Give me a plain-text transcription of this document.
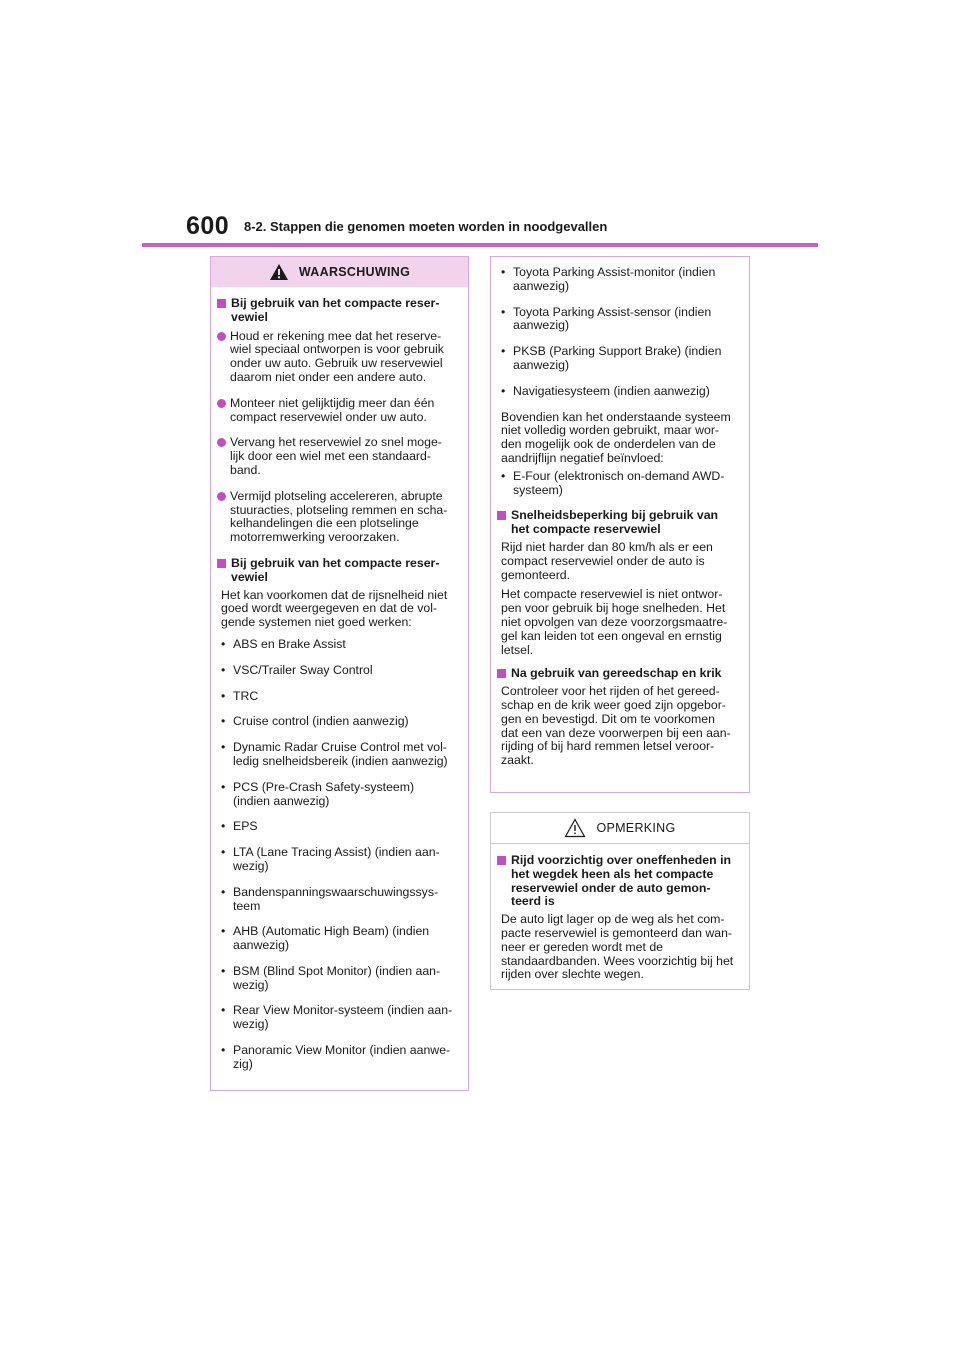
600 8-2. Stappen die genomen moeten worden in noodgevallen
WAARSCHUWING
Bij gebruik van het compacte reser-vewiel
Houd er rekening mee dat het reserve-wiel speciaal ontworpen is voor gebruik onder uw auto. Gebruik uw reservewiel daarom niet onder een andere auto.
Monteer niet gelijktijdig meer dan één compact reservewiel onder uw auto.
Vervang het reservewiel zo snel moge-lijk door een wiel met een standaard-band.
Vermijd plotseling accelereren, abrupte stuuracties, plotseling remmen en scha-kelhandelingen die een plotselinge motorremwerking veroorzaken.
Bij gebruik van het compacte reser-vewiel
Het kan voorkomen dat de rijsnelheid niet goed wordt weergegeven en dat de vol-gende systemen niet goed werken:
• ABS en Brake Assist
• VSC/Trailer Sway Control
• TRC
• Cruise control (indien aanwezig)
• Dynamic Radar Cruise Control met vol-ledig snelheidsbereik (indien aanwezig)
• PCS (Pre-Crash Safety-systeem) (indien aanwezig)
• EPS
• LTA (Lane Tracing Assist) (indien aan-wezig)
• Bandenspanningswaarschuwingssys-teem
• AHB (Automatic High Beam) (indien aanwezig)
• BSM (Blind Spot Monitor) (indien aan-wezig)
• Rear View Monitor-systeem (indien aan-wezig)
• Panoramic View Monitor (indien aanwe-zig)
• Toyota Parking Assist-monitor (indien aanwezig)
• Toyota Parking Assist-sensor (indien aanwezig)
• PKSB (Parking Support Brake) (indien aanwezig)
• Navigatiesysteem (indien aanwezig)
Bovendien kan het onderstaande systeem niet volledig worden gebruikt, maar wor-den mogelijk ook de onderdelen van de aandrijflijn negatief beïnvloed:
• E-Four (elektronisch on-demand AWD-systeem)
Snelheidsbeperking bij gebruik van het compacte reservewiel
Rijd niet harder dan 80 km/h als er een compact reservewiel onder de auto is gemonteerd.
Het compacte reservewiel is niet ontwor-pen voor gebruik bij hoge snelheden. Het niet opvolgen van deze voorzorgsmaatre-gel kan leiden tot een ongeval en ernstig letsel.
Na gebruik van gereedschap en krik
Controleer voor het rijden of het gereed-schap en de krik weer goed zijn opgebor-gen en bevestigd. Dit om te voorkomen dat een van deze voorwerpen bij een aan-rijding of bij hard remmen letsel veroor-zaakt.
OPMERKING
Rijd voorzichtig over oneffenheden in het wegdek heen als het compacte reservewiel onder de auto gemon-teerd is
De auto ligt lager op de weg als het com-pacte reservewiel is gemonteerd dan wan-neer er gereden wordt met de standaardbanden. Wees voorzichtig bij het rijden over slechte wegen.
